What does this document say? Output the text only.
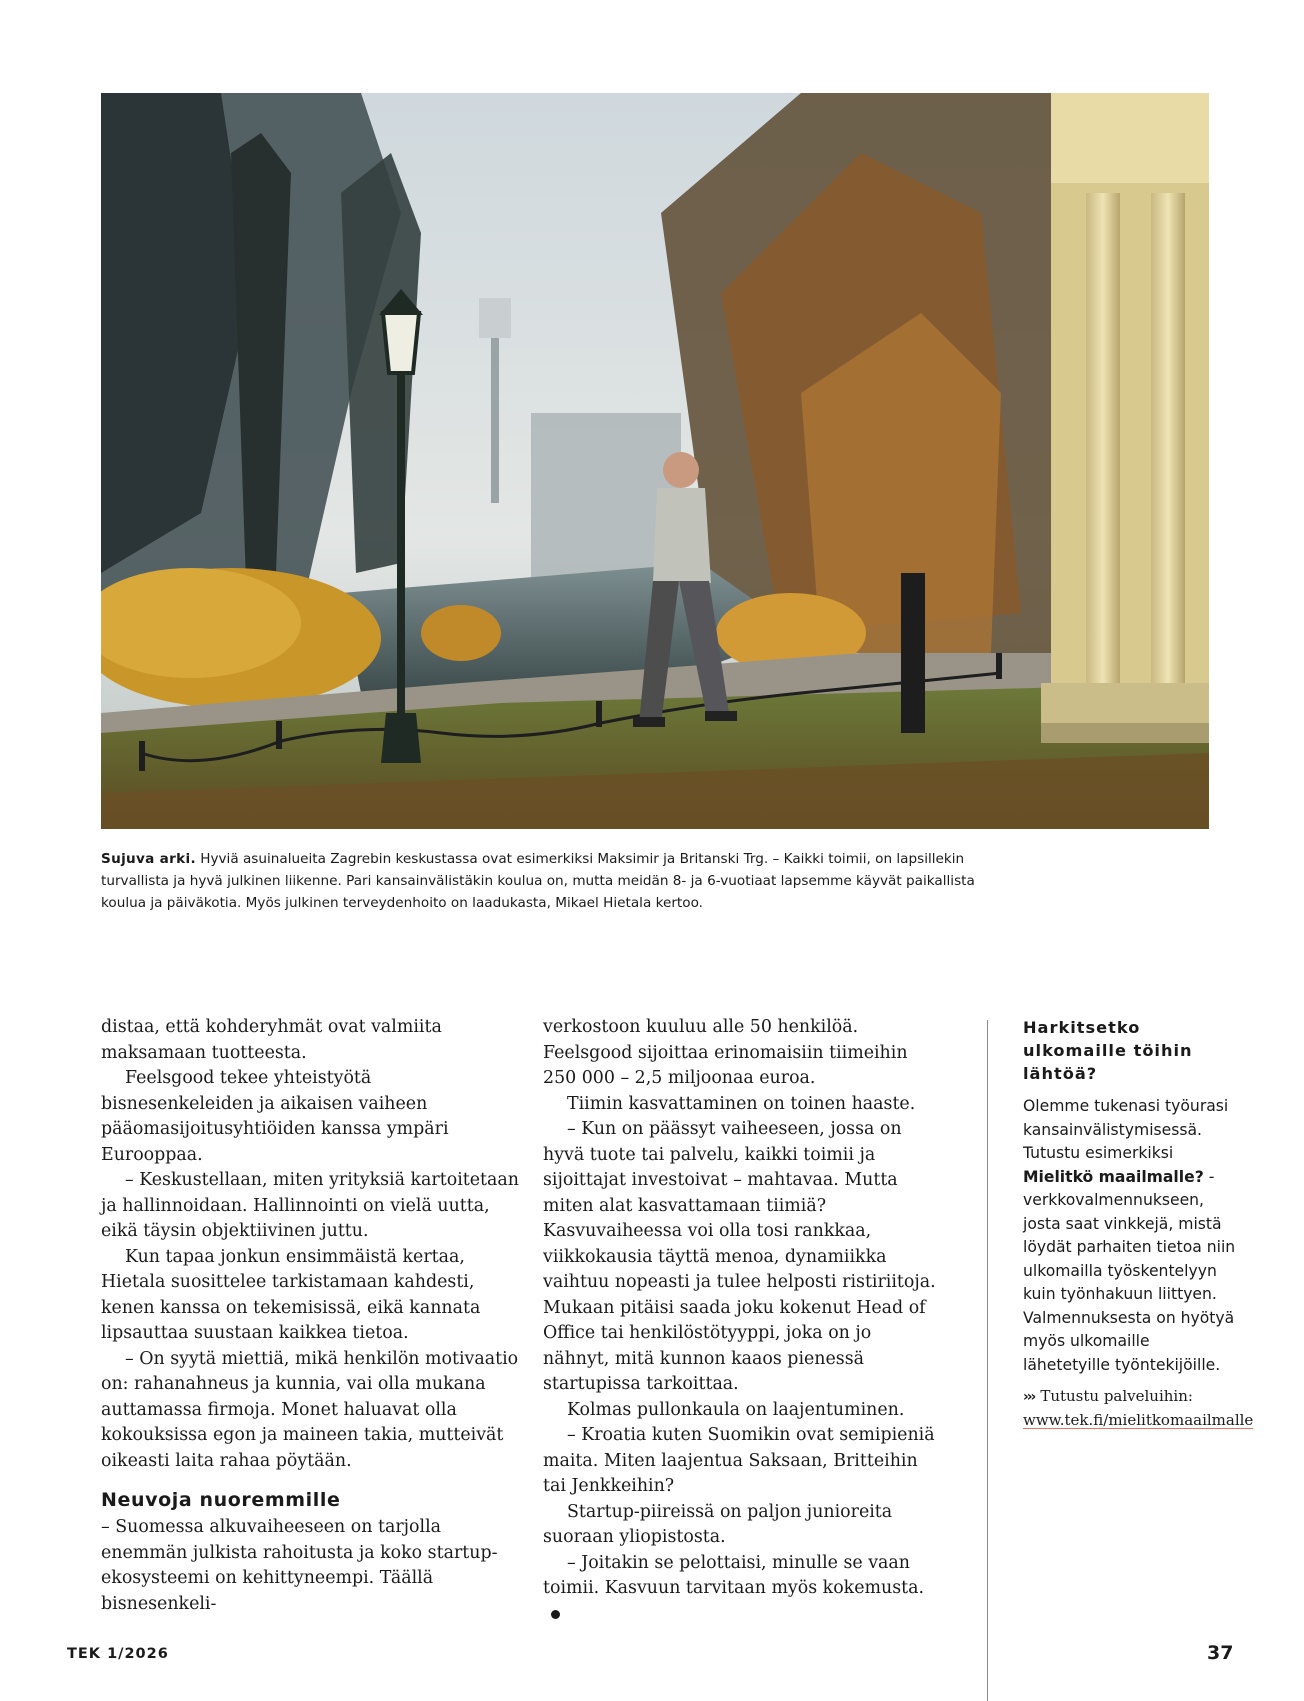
Sujuva arki. Hyviä asuinalueita Zagrebin keskustassa ovat esimerkiksi Maksimir ja Britanski Trg. – Kaikki toimii, on lapsillekin turvallista ja hyvä julkinen liikenne. Pari kansainvälistäkin koulua on, mutta meidän 8- ja 6-vuotiaat lapsemme käyvät paikallista koulua ja päiväkotia. Myös julkinen terveydenhoito on laadukasta, Mikael Hietala kertoo.

distaa, että kohderyhmät ovat valmiita maksamaan tuotteesta.

Feelsgood tekee yhteistyötä bisnesenkeleiden ja aikaisen vaiheen pääomasijoitusyhtiöiden kanssa ympäri Eurooppaa.

– Keskustellaan, miten yrityksiä kartoitetaan ja hallinnoidaan. Hallinnointi on vielä uutta, eikä täysin objektiivinen juttu.

Kun tapaa jonkun ensimmäistä kertaa, Hietala suosittelee tarkistamaan kahdesti, kenen kanssa on tekemisissä, eikä kannata lipsauttaa suustaan kaikkea tietoa.

– On syytä miettiä, mikä henkilön motivaatio on: rahanahneus ja kunnia, vai olla mukana auttamassa firmoja. Monet haluavat olla kokouksissa egon ja maineen takia, mutteivät oikeasti laita rahaa pöytään.

Neuvoja nuoremmille

– Suomessa alkuvaiheeseen on tarjolla enemmän julkista rahoitusta ja koko startup-ekosysteemi on kehittyneempi. Täällä bisnesenkeli-

verkostoon kuuluu alle 50 henkilöä. Feelsgood sijoittaa erinomaisiin tiimeihin 250 000 – 2,5 miljoonaa euroa.

Tiimin kasvattaminen on toinen haaste.

– Kun on päässyt vaiheeseen, jossa on hyvä tuote tai palvelu, kaikki toimii ja sijoittajat investoivat – mahtavaa. Mutta miten alat kasvattamaan tiimiä? Kasvuvaiheessa voi olla tosi rankkaa, viikkokausia täyttä menoa, dynamiikka vaihtuu nopeasti ja tulee helposti ristiriitoja. Mukaan pitäisi saada joku kokenut Head of Office tai henkilöstötyyppi, joka on jo nähnyt, mitä kunnon kaaos pienessä startupissa tarkoittaa.

Kolmas pullonkaula on laajentuminen.

– Kroatia kuten Suomikin ovat semipieniä maita. Miten laajentua Saksaan, Britteihin tai Jenkkeihin?

Startup-piireissä on paljon junioreita suoraan yliopistosta.

– Joitakin se pelottaisi, minulle se vaan toimii. Kasvuun tarvitaan myös kokemusta.

Harkitsetko ulkomaille töihin lähtöä?
Olemme tukenasi työurasi kansainvälistymisessä. Tutustu esimerkiksi Mielitkö maailmalle? -verkkovalmennukseen, josta saat vinkkejä, mistä löydät parhaiten tietoa niin ulkomailla työskentelyyn kuin työnhakuun liittyen. Valmennuksesta on hyötyä myös ulkomaille lähetetyille työntekijöille.
››› Tutustu palveluihin:
www.tek.fi/mielitkomaailmalle
TEK 1/2026	37
